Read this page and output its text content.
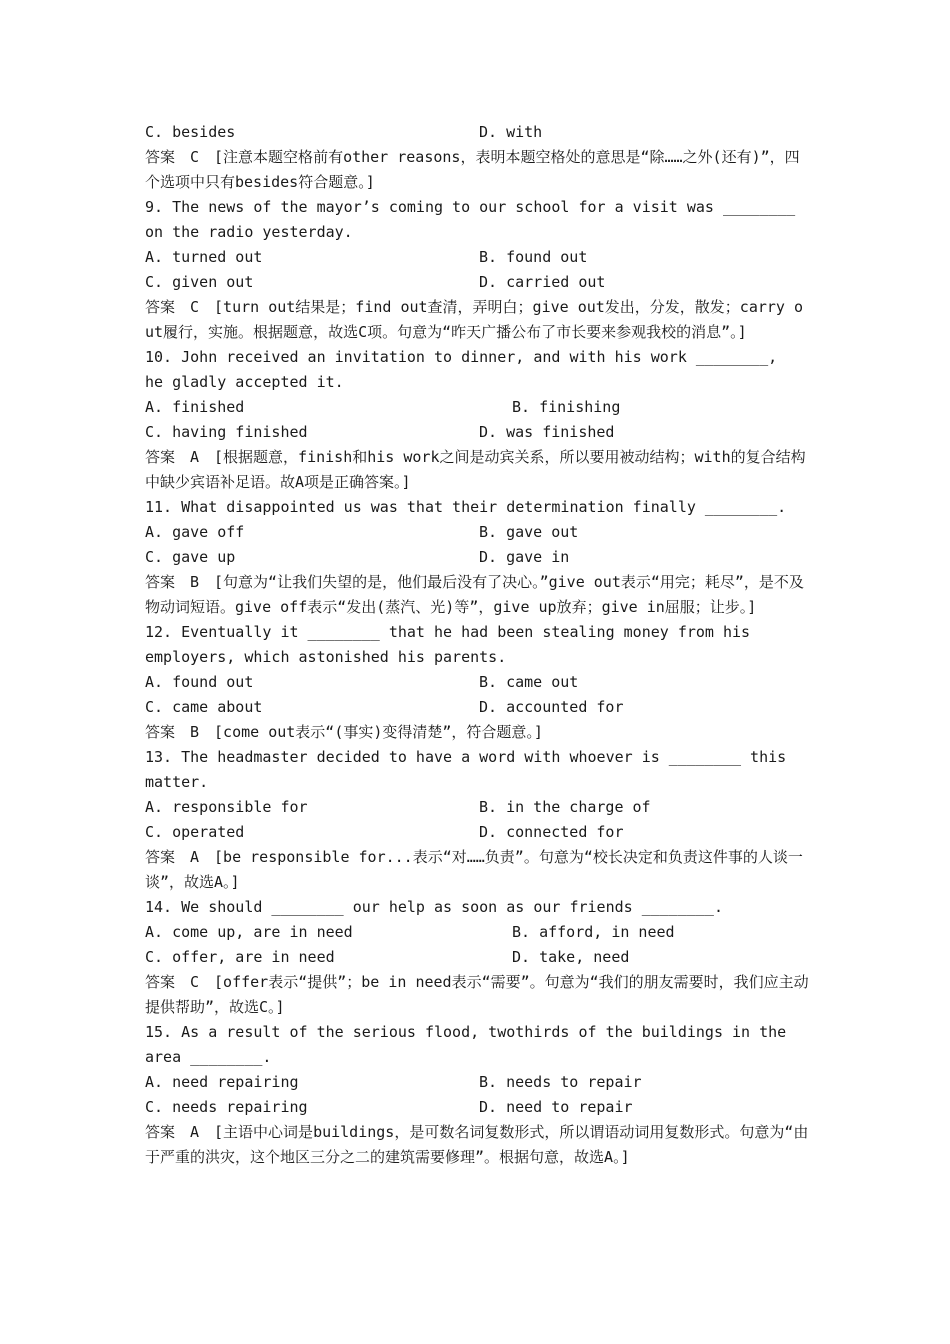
C. besides	D. with
答案　C　[注意本题空格前有other reasons，表明本题空格处的意思是“除……之外(还有)”，四个选项中只有besides符合题意。]
9. The news of the mayor’s coming to our school for a visit was ________ on the radio yesterday.
A. turned out	B. found out
C. given out	D. carried out
答案　C　[turn out结果是；find out查清，弄明白；give out发出，分发，散发；carry out履行，实施。根据题意，故选C项。句意为“昨天广播公布了市长要来参观我校的消息”。]
10. John received an invitation to dinner, and with his work ________,  he gladly accepted it.
A. finished	B. finishing
C. having finished	D. was finished
答案　A　[根据题意，finish和his work之间是动宾关系，所以要用被动结构；with的复合结构中缺少宾语补足语。故A项是正确答案。]
11. What disappointed us was that their determination finally ________.
A. gave off	B. gave out
C. gave up	D. gave in
答案　B　[句意为“让我们失望的是，他们最后没有了决心。”give out表示“用完；耗尽”，是不及物动词短语。give off表示“发出(蒸汽、光)等”，give up放弃；give in屈服；让步。]
12. Eventually it ________ that he had been stealing money from his employers, which astonished his parents.
A. found out	B. came out
C. came about	D. accounted for
答案　B　[come out表示“(事实)变得清楚”，符合题意。]
13. The headmaster decided to have a word with whoever is ________ this matter.
A. responsible for	B. in the charge of
C. operated	D. connected for
答案　A　[be responsible for...表示“对……负责”。句意为“校长决定和负责这件事的人谈一谈”，故选A。]
14. We should ________ our help as soon as our friends ________.
A. come up, are in need	B. afford, in need
C. offer, are in need	D. take, need
答案　C　[offer表示“提供”；be in need表示“需要”。句意为“我们的朋友需要时，我们应主动提供帮助”，故选C。]
15. As a result of the serious flood, twothirds of the buildings in the area ________.
A. need repairing	B. needs to repair
C. needs repairing	D. need to repair
答案　A　[主语中心词是buildings，是可数名词复数形式，所以谓语动词用复数形式。句意为“由于严重的洪灾，这个地区三分之二的建筑需要修理”。根据句意，故选A。]
